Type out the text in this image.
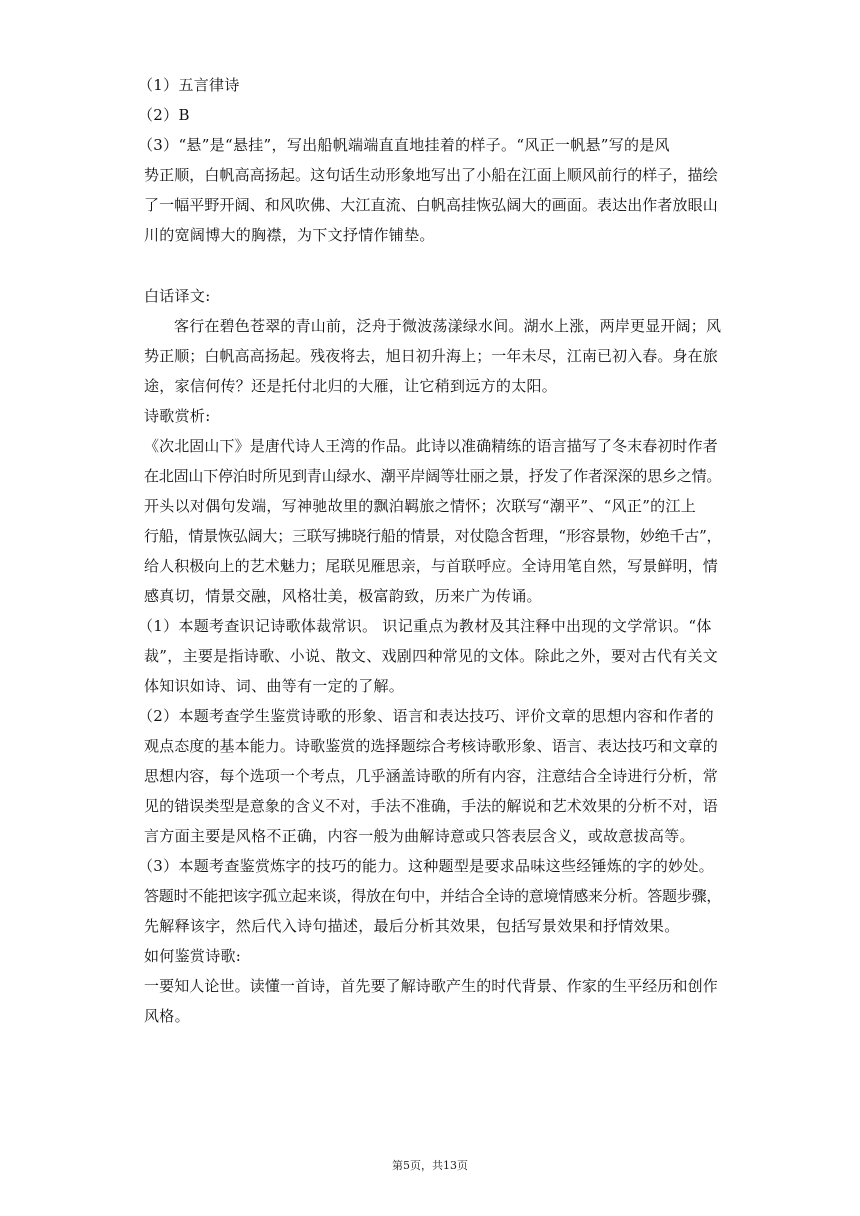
（1）五言律诗
（2）B
（3）“悬”是“悬挂”，写出船帆端端直直地挂着的样子。“风正一帆悬”写的是风
势正顺，白帆高高扬起。这句话生动形象地写出了小船在江面上顺风前行的样子，描绘
了一幅平野开阔、和风吹佛、大江直流、白帆高挂恢弘阔大的画面。表达出作者放眼山
川的宽阔博大的胸襟，为下文抒情作铺垫。
白话译文:
客行在碧色苍翠的青山前，泛舟于微波荡漾绿水间。湖水上涨，两岸更显开阔；风
势正顺；白帆高高扬起。残夜将去，旭日初升海上；一年未尽，江南已初入春。身在旅
途，家信何传？还是托付北归的大雁，让它稍到远方的太阳。
诗歌赏析:
《次北固山下》是唐代诗人王湾的作品。此诗以准确精练的语言描写了冬末春初时作者
在北固山下停泊时所见到青山绿水、潮平岸阔等壮丽之景，抒发了作者深深的思乡之情。
开头以对偶句发端，写神驰故里的飘泊羁旅之情怀；次联写“潮平”、“风正”的江上
行船，情景恢弘阔大；三联写拂晓行船的情景，对仗隐含哲理，“形容景物，妙绝千古”，
给人积极向上的艺术魅力；尾联见雁思亲，与首联呼应。全诗用笔自然，写景鲜明，情
感真切，情景交融，风格壮美，极富韵致，历来广为传诵。
（1）本题考查识记诗歌体裁常识。 识记重点为教材及其注释中出现的文学常识。“体
裁”，主要是指诗歌、小说、散文、戏剧四种常见的文体。除此之外，要对古代有关文
体知识如诗、词、曲等有一定的了解。
（2）本题考查学生鉴赏诗歌的形象、语言和表达技巧、评价文章的思想内容和作者的
观点态度的基本能力。诗歌鉴赏的选择题综合考核诗歌形象、语言、表达技巧和文章的
思想内容，每个选项一个考点，几乎涵盖诗歌的所有内容，注意结合全诗进行分析，常
见的错误类型是意象的含义不对，手法不准确，手法的解说和艺术效果的分析不对，语
言方面主要是风格不正确，内容一般为曲解诗意或只答表层含义，或故意拔高等。
（3）本题考查鉴赏炼字的技巧的能力。这种题型是要求品味这些经锤炼的字的妙处。
答题时不能把该字孤立起来谈，得放在句中，并结合全诗的意境情感来分析。答题步骤，
先解释该字，然后代入诗句描述，最后分析其效果，包括写景效果和抒情效果。
如何鉴赏诗歌:
一要知人论世。读懂一首诗，首先要了解诗歌产生的时代背景、作家的生平经历和创作
风格。
第5页，共13页
